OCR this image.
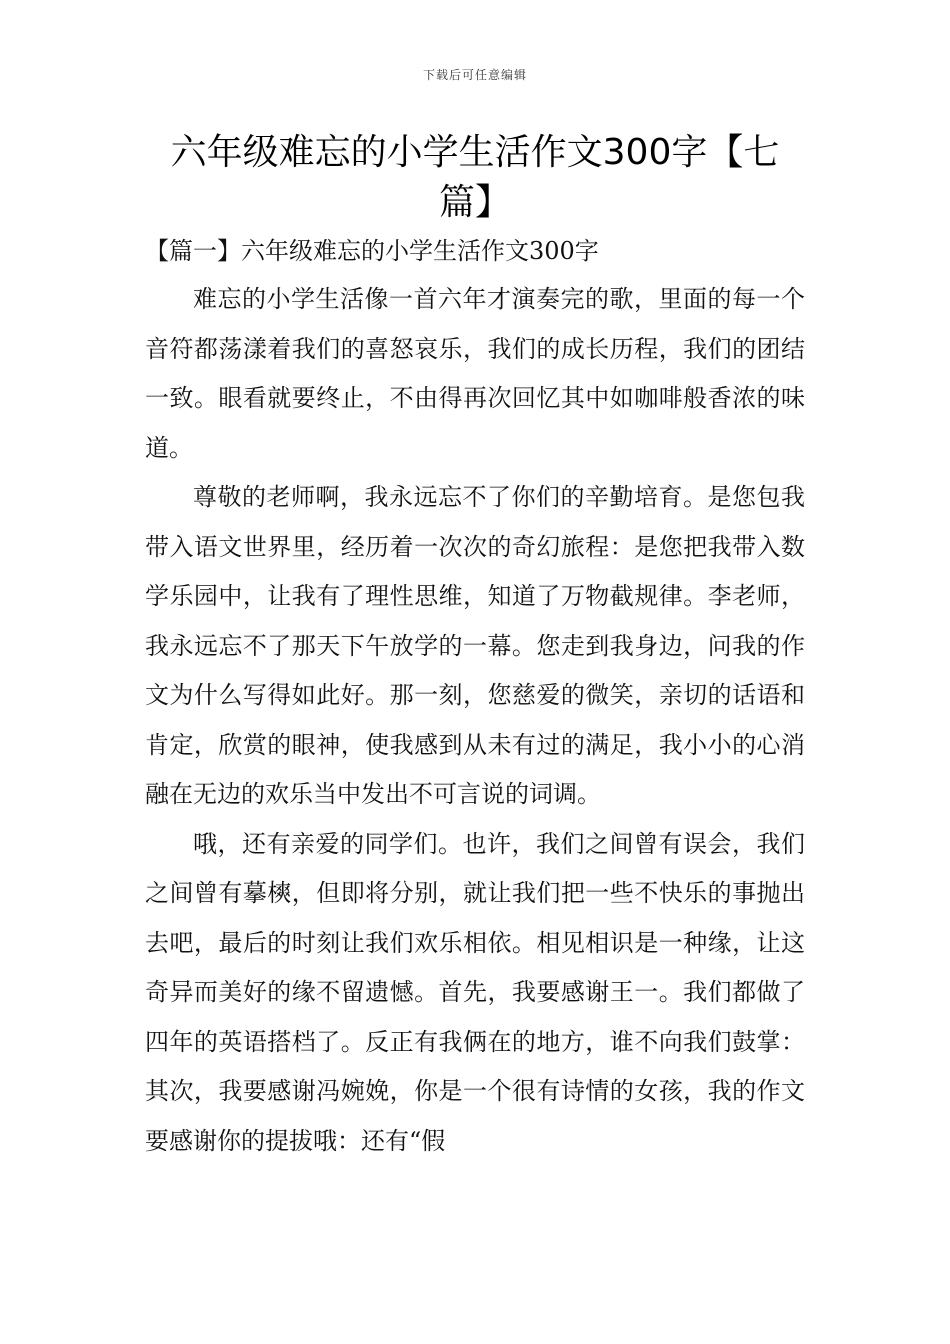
下载后可任意编辑
六年级难忘的小学生活作文300字【七篇】

【篇一】六年级难忘的小学生活作文300字

难忘的小学生活像一首六年才演奏完的歌，里面的每一个音符都荡漾着我们的喜怒哀乐，我们的成长历程，我们的团结一致。眼看就要终止，不由得再次回忆其中如咖啡般香浓的味道。

尊敬的老师啊，我永远忘不了你们的辛勤培育。是您包我带入语文世界里，经历着一次次的奇幻旅程：是您把我带入数学乐园中，让我有了理性思维，知道了万物截规律。李老师，我永远忘不了那天下午放学的一幕。您走到我身边，问我的作文为什么写得如此好。那一刻，您慈爱的微笑，亲切的话语和肯定，欣赏的眼神，使我感到从未有过的满足，我小小的心消融在无边的欢乐当中发出不可言说的词调。

哦，还有亲爱的同学们。也许，我们之间曾有误会，我们之间曾有摹樉，但即将分别，就让我们把一些不快乐的事抛出去吧，最后的时刻让我们欢乐相依。相见相识是一种缘，让这奇异而美好的缘不留遗憾。首先，我要感谢王一。我们都做了四年的英语搭档了。反正有我俩在的地方，谁不向我们鼓掌：其次，我要感谢冯婉娩，你是一个很有诗情的女孩，我的作文要感谢你的提拔哦：还有“假
